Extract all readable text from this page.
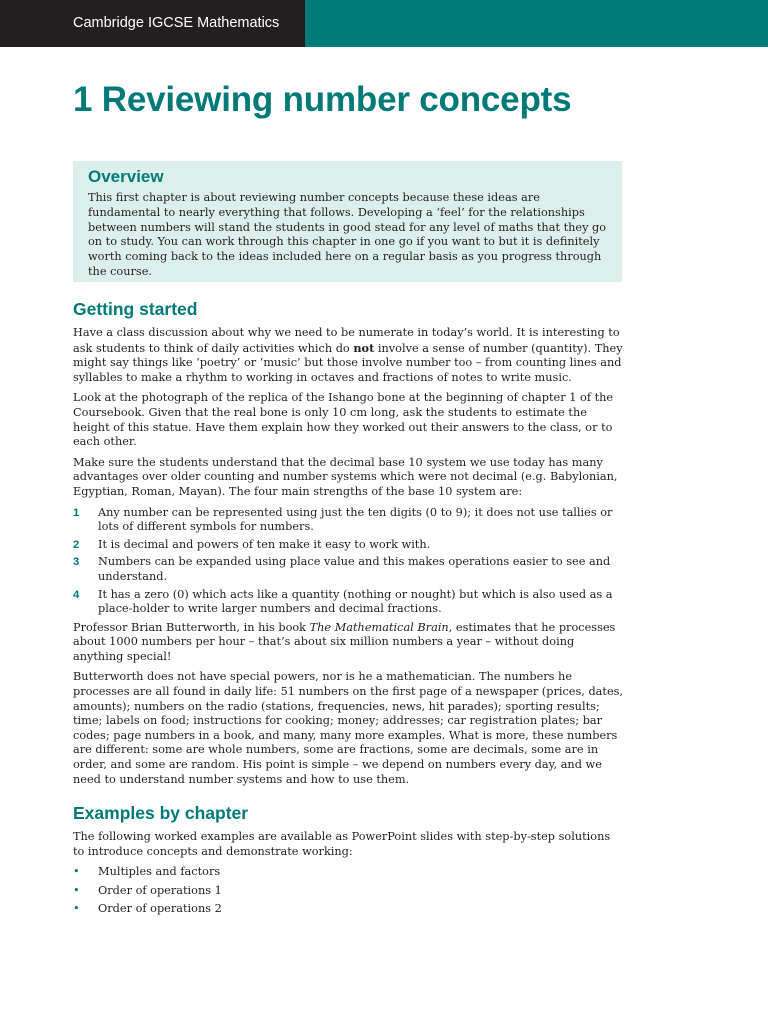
Cambridge IGCSE Mathematics
1 Reviewing number concepts
Overview

This first chapter is about reviewing number concepts because these ideas are fundamental to nearly everything that follows. Developing a ‘feel’ for the relationships between numbers will stand the students in good stead for any level of maths that they go on to study. You can work through this chapter in one go if you want to but it is definitely worth coming back to the ideas included here on a regular basis as you progress through the course.

Getting started

Have a class discussion about why we need to be numerate in today’s world. It is interesting to ask students to think of daily activities which do not involve a sense of number (quantity). They might say things like ‘poetry’ or ‘music’ but those involve number too – from counting lines and syllables to make a rhythm to working in octaves and fractions of notes to write music.

Look at the photograph of the replica of the Ishango bone at the beginning of chapter 1 of the Coursebook. Given that the real bone is only 10 cm long, ask the students to estimate the height of this statue. Have them explain how they worked out their answers to the class, or to each other.

Make sure the students understand that the decimal base 10 system we use today has many advantages over older counting and number systems which were not decimal (e.g. Babylonian, Egyptian, Roman, Mayan). The four main strengths of the base 10 system are:

1	Any number can be represented using just the ten digits (0 to 9); it does not use tallies or lots of different symbols for numbers.
2	It is decimal and powers of ten make it easy to work with.
3	Numbers can be expanded using place value and this makes operations easier to see and understand.
4	It has a zero (0) which acts like a quantity (nothing or nought) but which is also used as a place-holder to write larger numbers and decimal fractions.

Professor Brian Butterworth, in his book The Mathematical Brain, estimates that he processes about 1000 numbers per hour – that’s about six million numbers a year – without doing anything special!

Butterworth does not have special powers, nor is he a mathematician. The numbers he processes are all found in daily life: 51 numbers on the first page of a newspaper (prices, dates, amounts); numbers on the radio (stations, frequencies, news, hit parades); sporting results; time; labels on food; instructions for cooking; money; addresses; car registration plates; bar codes; page numbers in a book, and many, many more examples. What is more, these numbers are different: some are whole numbers, some are fractions, some are decimals, some are in order, and some are random. His point is simple – we depend on numbers every day, and we need to understand number systems and how to use them.

Examples by chapter

The following worked examples are available as PowerPoint slides with step-by-step solutions to introduce concepts and demonstrate working:

•	Multiples and factors
•	Order of operations 1
•	Order of operations 2
